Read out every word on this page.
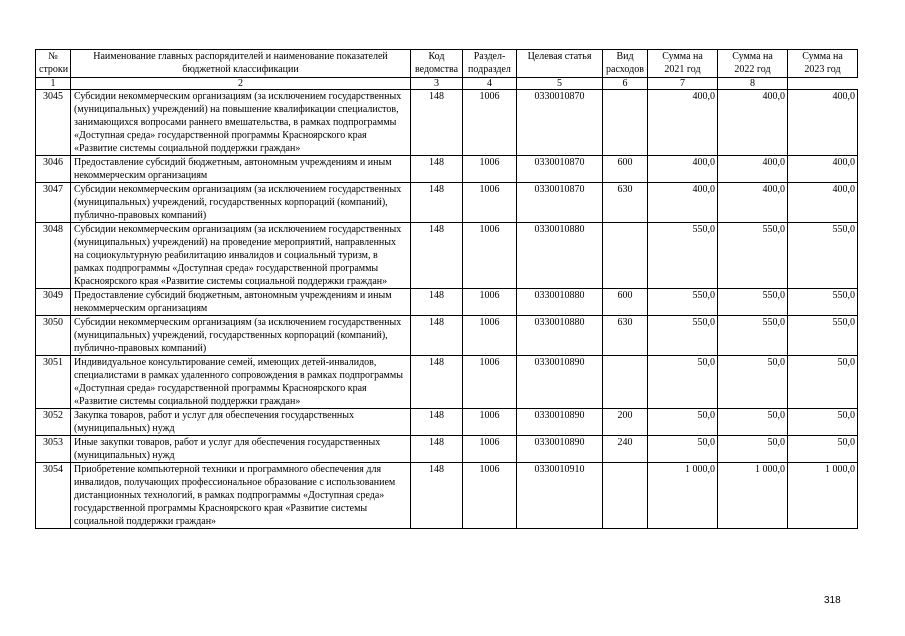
№ строки	Наименование главных распорядителей и наименование показателей бюджетной классификации	Код ведомства	Раздел-подраздел	Целевая статья	Вид расходов	Сумма на 2021 год	Сумма на 2022 год	Сумма на 2023 год
1	2	3	4	5	6	7	8	
3045	Субсидии некоммерческим организациям (за исключением государственных (муниципальных) учреждений) на повышение квалификации специалистов, занимающихся вопросами раннего вмешательства, в рамках подпрограммы «Доступная среда» государственной программы Красноярского края «Развитие системы социальной поддержки граждан»	148	1006	0330010870		400,0	400,0	400,0
3046	Предоставление субсидий бюджетным, автономным учреждениям и иным некоммерческим организациям	148	1006	0330010870	600	400,0	400,0	400,0
3047	Субсидии некоммерческим организациям (за исключением государственных (муниципальных) учреждений, государственных корпораций (компаний), публично-правовых компаний)	148	1006	0330010870	630	400,0	400,0	400,0
3048	Субсидии некоммерческим организациям (за исключением государственных (муниципальных) учреждений) на проведение мероприятий, направленных на социокультурную реабилитацию инвалидов и социальный туризм, в рамках подпрограммы «Доступная среда» государственной программы Красноярского края «Развитие системы социальной поддержки граждан»	148	1006	0330010880		550,0	550,0	550,0
3049	Предоставление субсидий бюджетным, автономным учреждениям и иным некоммерческим организациям	148	1006	0330010880	600	550,0	550,0	550,0
3050	Субсидии некоммерческим организациям (за исключением государственных (муниципальных) учреждений, государственных корпораций (компаний), публично-правовых компаний)	148	1006	0330010880	630	550,0	550,0	550,0
3051	Индивидуальное консультирование семей, имеющих детей-инвалидов, специалистами в рамках удаленного сопровождения в рамках подпрограммы «Доступная среда» государственной программы Красноярского края «Развитие системы социальной поддержки граждан»	148	1006	0330010890		50,0	50,0	50,0
3052	Закупка товаров, работ и услуг для обеспечения государственных (муниципальных) нужд	148	1006	0330010890	200	50,0	50,0	50,0
3053	Иные закупки товаров, работ и услуг для обеспечения государственных (муниципальных) нужд	148	1006	0330010890	240	50,0	50,0	50,0
3054	Приобретение компьютерной техники и программного обеспечения для инвалидов, получающих профессиональное образование с использованием дистанционных технологий, в рамках подпрограммы «Доступная среда» государственной программы Красноярского края «Развитие системы социальной поддержки граждан»	148	1006	0330010910		1 000,0	1 000,0	1 000,0
318
